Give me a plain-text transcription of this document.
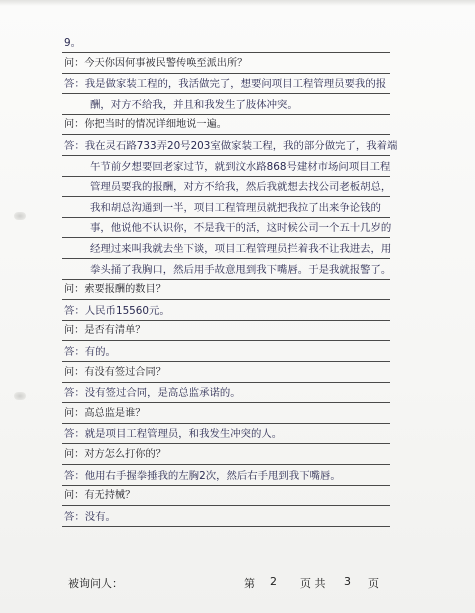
9。
问：今天你因何事被民警传唤至派出所？
答：我是做家装工程的，我活做完了，想要问项目工程管理员要我的报
酬，对方不给我，并且和我发生了肢体冲突。
问：你把当时的情况详细地说一遍。
答：我在灵石路733弄20号203室做家装工程，我的部分做完了，我着端
午节前夕想要回老家过节，就到汶水路868号建材市场问项目工程
管理员要我的报酬，对方不给我，然后我就想去找公司老板胡总，
我和胡总沟通到一半，项目工程管理员就把我拉了出来争论钱的
事，他说他不认识你，不是我干的活，这时候公司一个五十几岁的
经理过来叫我就去坐下谈，项目工程管理员拦着我不让我进去，用
拳头捅了我胸口，然后用手故意甩到我下嘴唇。于是我就报警了。
问：索要报酬的数目？
答：人民币15560元。
问：是否有清单？
答：有的。
问：有没有签过合同？
答：没有签过合同，是高总监承诺的。
问：高总监是谁？
答：就是项目工程管理员，和我发生冲突的人。
问：对方怎么打你的？
答：他用右手握拳捶我的左胸2次，然后右手甩到我下嘴唇。
问：有无持械？
答：没有。
被询问人：	第 2 页 共 3 页
